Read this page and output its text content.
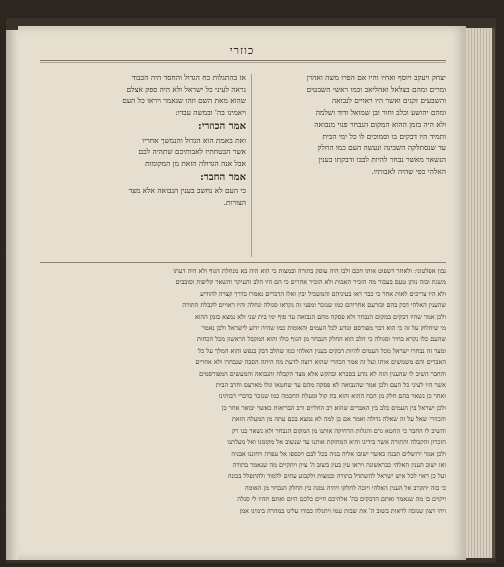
כוזרי

יצחק ויעקב ויוסף ואחיו והיו אם הפרו משה ואהרן

ומרים ומהם בצלאל ואהליאב וכמו ראשי השבטים

והשבעים זקנים ואשר היו ראויים לנבואה

ומהם יהושע וכלב וחור ובן שמואל ודוד ושלמה

ולא היה בזמן ההוא המקום הנבחר פנוי מנבואה

ותמיד היו דבקים בו וסמוכים לו כל ימי הבית

עד שנסתלקה השכינה ונעשה העם כמו החלק

הנשאר מאשר נבחר להיות לבבו ודבקתו בענין

האלהי כפי שהיה לאבותיו.

אז בהתגלות כח הגדול והחסד היה הכבוד

נראה לעיני כל ישראל ולא היה ספק אצלם

שהוא מאת השם וזהו שנאמר ויראו כל העם

ויאמינו בה' ובמשה עבדו:

אמר הכוזרי:

ואת באמת הוא הגדול והנמשך אחריו

אשר הבטחתיו לאבותיכם שתהיה לכם

אבל אנה הגדולה הזאת מן המקומות

אמר החבר:

כי העם לא נחשב בענין הנבואה אלא מצד

הצורות.

נבון אפלטוני: ולאחר דשפוט אותו חכם ולבו היה עוסק בתורה ובמצות כי הוא היה בא מנחלת הגוף ולא היה דעתו

משגת ובזה נותן טעם בעבור מה הזכיר האבות ולא הזכיר אחרים כי הם היו הלב והעיקר והשאר קליפות וסובבים

ולא היו צריכים לאות אחר כי כבר ראו בעיניהם והמשכיל יבין ואלו הדברים נאמרו בדרך קצרה להודיע

שהענין האלהי דבק בהם ובזרעם אחריהם כמו שנזכר ומפני זה נקראו סגולה ונחלה והיו ראויים לקבלת התורה

ולכן אמר שהיו דבקים במקום הנבחר ולא פסקה מהם הנבואה עד סוף ימי בית שני ולא נמצא בזמן ההוא

מי שיחלוק על זה כי הוא דבר מפורסם ונודע לכל העמים והאומות כמו שהיה ידוע לישראל ולכן נאמר

שהעם כלו נקרא בחיר וסגולה כי הלב הוא החלק הנבחר מן הגוף כולו והוא המקבל הראשון מכל הכחות

ומצד זה נבחרו ישראל מכל העמים להיות דבקים בענין האלהי כמו שהלב דבק בנפש והוא המלך על כל

האברים והם משמשים אותו ועל זה אמר הכוזרי שהוא רוצה לדעת מה היתה הסבה שנבחרו ולא אחרים

והחבר השיב לו שהענין הזה לא נודע בסברא ובהקש אלא מצד הקבלה והנבואה והמעשים המפורסמים

אשר היו לעיני כל העם ולכן אמר שהנבואה לא פסקה מהם עד שחטאו וגלו מארצם וחרב הבית

ואחר כן נשאר בהם חלק מן הכח ההוא והוא בת קול ומעלת החכמה כמו שנזכר בדברי רבותינו

ולכן ישראל בין העמים כלב בין האברים שהוא רב החליים ורב הבריאות כאשר יבואר אחר כן

והכוזרי שאל על זה שאלה גדולה ואמר אם כן למה לא נמצא בכם עתה מן המעלה הזאת

והשיב לו החבר כי החטא גרם והגלות הרחיקה אותנו מן המקום הנבחר ולא נשאר בנו רק

הזכרון והקבלה והתורה אשר בידינו והיא המחזקת אותנו עד שנשוב אל מקומנו ואל מעלתנו

ולכן אמר ירושלים תבנה כאשר ישובו אליה בניה בכל לבם ויכספו אל עפרה ויחוננו אבניה

ואז ישוב הענין האלהי כבראשונה ויראו עין בעין בשוב ה' ציון ויתקיים מה שנאמר בתורה

ועל כן ראוי לכל איש ישראל להשתדל בתורה ובמצות ולקבוע עתים ללמוד ולהתפלל בכונה

כי בזה יתקרב אל הענין האלהי ויזכה לחלקו ויהיה נמנה בין החלק הנבחר מן האומה

ויקוים בו מה שנאמר ואתם הדבקים בה' אלהיכם חיים כלכם היום ואתם תהיו לי סגלה

ויהי רצון שנזכה לראות בשוב ה' את שבות עמו ויתגלה כבודו עלינו במהרה בימינו אמן
